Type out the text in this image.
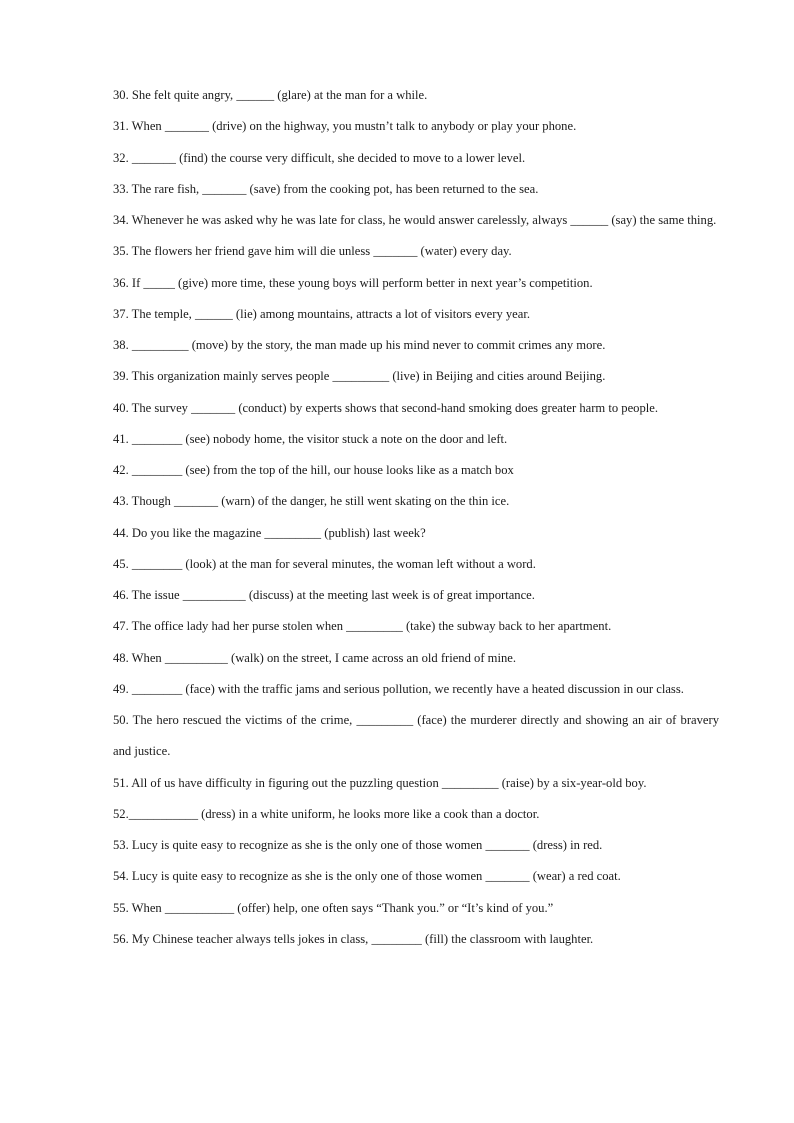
30. She felt quite angry, ______ (glare) at the man for a while.

31. When _______ (drive) on the highway, you mustn’t talk to anybody or play your phone.

32. _______ (find) the course very difficult, she decided to move to a lower level.

33. The rare fish, _______ (save) from the cooking pot, has been returned to the sea.

34. Whenever he was asked why he was late for class, he would answer carelessly, always ______ (say) the same thing.

35. The flowers her friend gave him will die unless _______ (water) every day.

36. If _____ (give) more time, these young boys will perform better in next year’s competition.

37. The temple, ______ (lie) among mountains, attracts a lot of visitors every year.

38. _________ (move) by the story, the man made up his mind never to commit crimes any more.

39. This organization mainly serves people _________ (live) in Beijing and cities around Beijing.

40. The survey _______ (conduct) by experts shows that second-hand smoking does greater harm to people.

41. ________ (see) nobody home, the visitor stuck a note on the door and left.

42. ________ (see) from the top of the hill, our house looks like as a match box

43. Though _______ (warn) of the danger, he still went skating on the thin ice.

44. Do you like the magazine _________ (publish) last week?

45. ________ (look) at the man for several minutes, the woman left without a word.

46. The issue __________ (discuss) at the meeting last week is of great importance.

47. The office lady had her purse stolen when _________ (take) the subway back to her apartment.

48. When __________ (walk) on the street, I came across an old friend of mine.

49. ________ (face) with the traffic jams and serious pollution, we recently have a heated discussion in our class.

50. The hero rescued the victims of the crime, _________ (face) the murderer directly and showing an air of bravery and justice.

51. All of us have difficulty in figuring out the puzzling question _________ (raise) by a six-year-old boy.

52.___________ (dress) in a white uniform, he looks more like a cook than a doctor.

53. Lucy is quite easy to recognize as she is the only one of those women _______ (dress) in red.

54. Lucy is quite easy to recognize as she is the only one of those women _______ (wear) a red coat.

55. When ___________ (offer) help, one often says “Thank you.” or “It’s kind of you.”

56. My Chinese teacher always tells jokes in class, ________ (fill) the classroom with laughter.
